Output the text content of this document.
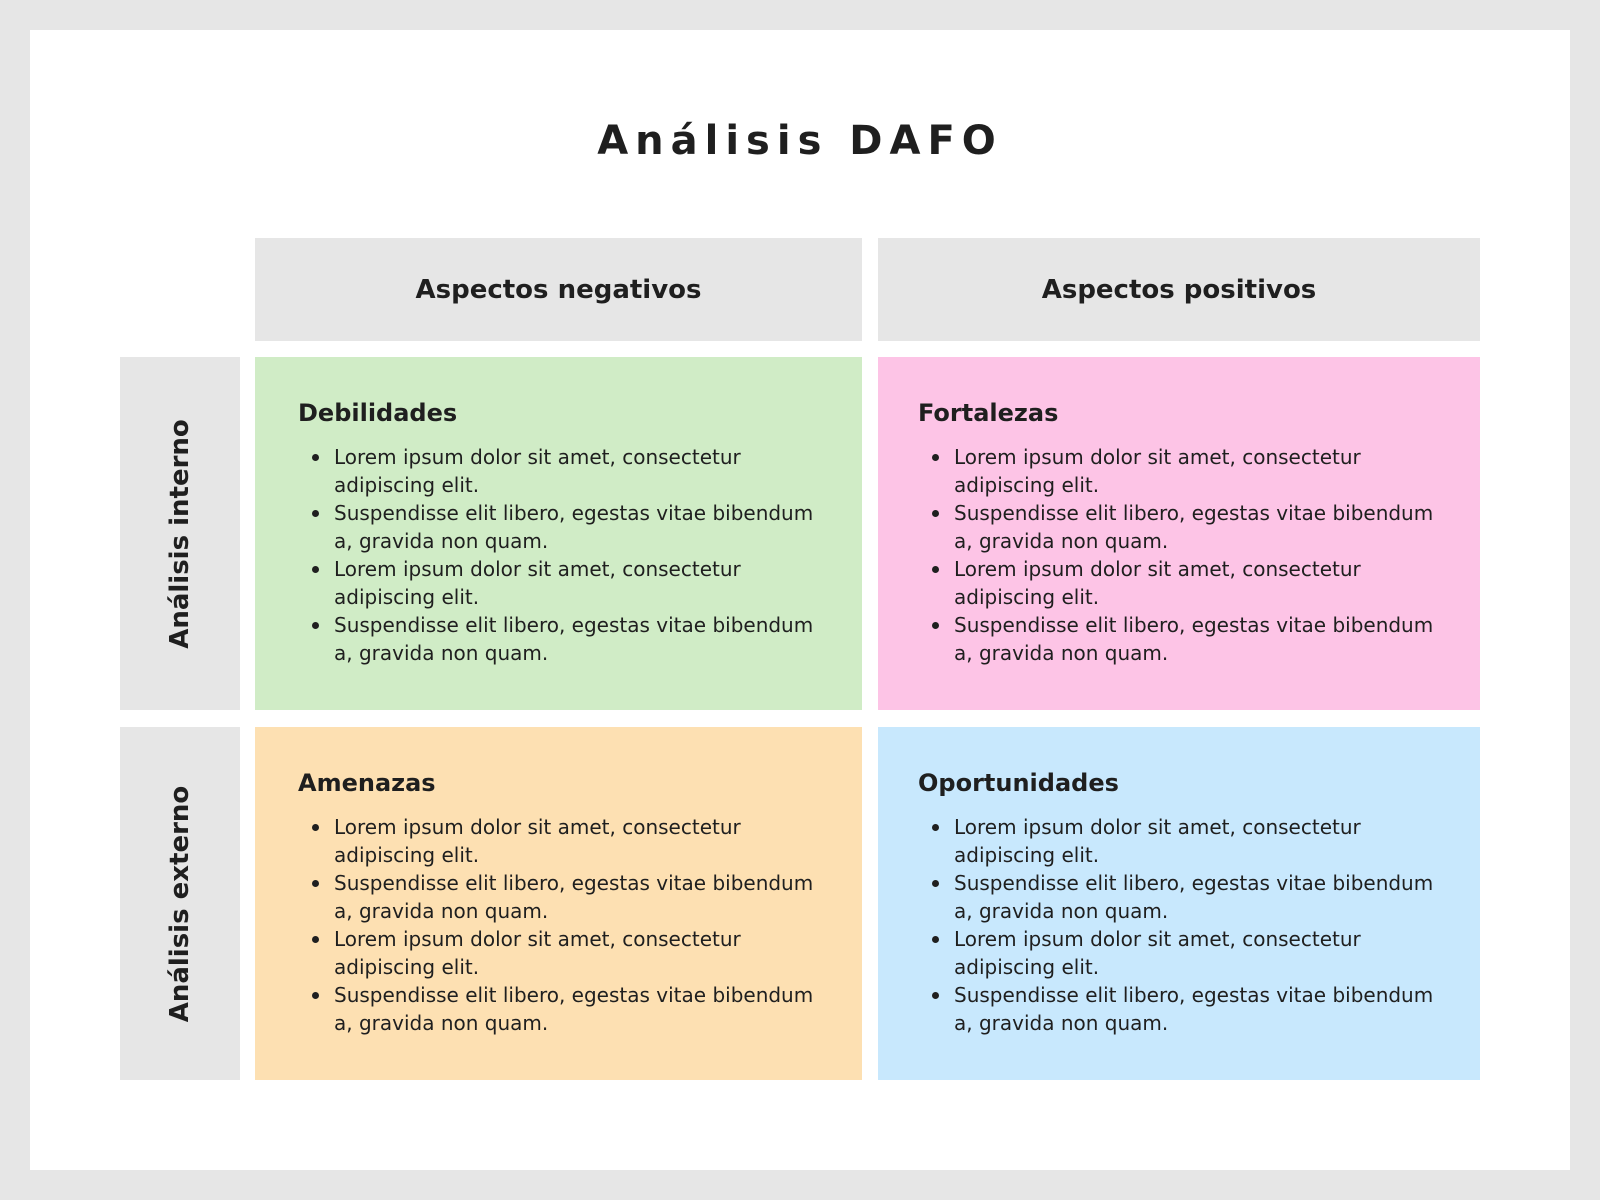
Análisis DAFO
Aspectos negativos	Aspectos positivos
Análisis interno
Análisis externo
Debilidades
Lorem ipsum dolor sit amet, consectetur adipiscing elit.
Suspendisse elit libero, egestas vitae bibendum a, gravida non quam.
Lorem ipsum dolor sit amet, consectetur adipiscing elit.
Suspendisse elit libero, egestas vitae bibendum a, gravida non quam.
Fortalezas
Lorem ipsum dolor sit amet, consectetur adipiscing elit.
Suspendisse elit libero, egestas vitae bibendum a, gravida non quam.
Lorem ipsum dolor sit amet, consectetur adipiscing elit.
Suspendisse elit libero, egestas vitae bibendum a, gravida non quam.
Amenazas
Lorem ipsum dolor sit amet, consectetur adipiscing elit.
Suspendisse elit libero, egestas vitae bibendum a, gravida non quam.
Lorem ipsum dolor sit amet, consectetur adipiscing elit.
Suspendisse elit libero, egestas vitae bibendum a, gravida non quam.
Oportunidades
Lorem ipsum dolor sit amet, consectetur adipiscing elit.
Suspendisse elit libero, egestas vitae bibendum a, gravida non quam.
Lorem ipsum dolor sit amet, consectetur adipiscing elit.
Suspendisse elit libero, egestas vitae bibendum a, gravida non quam.
